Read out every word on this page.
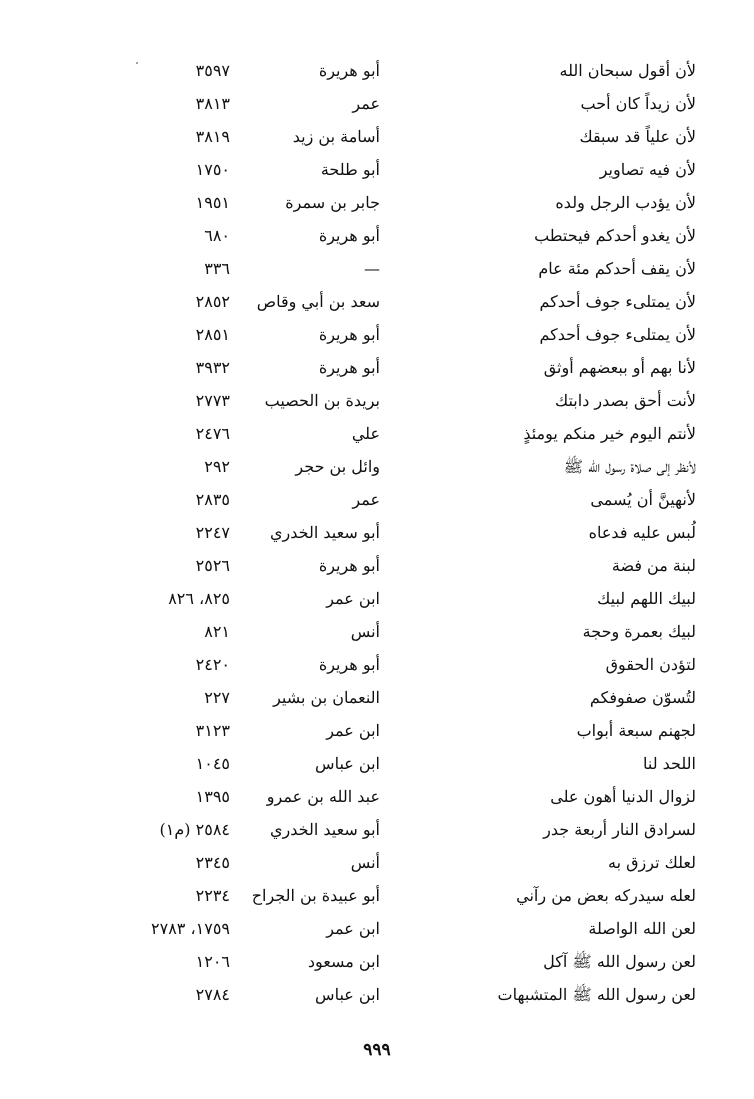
لأن أقول سبحان الله
أبو هريرة
٣٥٩٧
لأن زيداً كان أحب
عمر
٣٨١٣
لأن علياً قد سبقك
أسامة بن زيد
٣٨١٩
لأن فيه تصاوير
أبو طلحة
١٧٥٠
لأن يؤدب الرجل ولده
جابر بن سمرة
١٩٥١
لأن يغدو أحدكم فيحتطب
أبو هريرة
٦٨٠
لأن يقف أحدكم مئة عام
—
٣٣٦
لأن يمتلىء جوف أحدكم
سعد بن أبي وقاص
٢٨٥٢
لأن يمتلىء جوف أحدكم
أبو هريرة
٢٨٥١
لأنا بهم أو ببعضهم أوثق
أبو هريرة
٣٩٣٢
لأنت أحق بصدر دابتك
بريدة بن الحصيب
٢٧٧٣
لأنتم اليوم خير منكم يومئذٍ
علي
٢٤٧٦
لأنظر إلى صلاة رسول الله ﷺ
وائل بن حجر
٢٩٢
لأنهينَّ أن يُسمى
عمر
٢٨٣٥
لُبس عليه فدعاه
أبو سعيد الخدري
٢٢٤٧
لبنة من فضة
أبو هريرة
٢٥٢٦
لبيك اللهم لبيك
ابن عمر
٨٢٥، ٨٢٦
لبيك بعمرة وحجة
أنس
٨٢١
لتؤدن الحقوق
أبو هريرة
٢٤٢٠
لتُسوّن صفوفكم
النعمان بن بشير
٢٢٧
لجهنم سبعة أبواب
ابن عمر
٣١٢٣
اللحد لنا
ابن عباس
١٠٤٥
لزوال الدنيا أهون على
عبد الله بن عمرو
١٣٩٥
لسرادق النار أربعة جدر
أبو سعيد الخدري
٢٥٨٤ (م١)
لعلك ترزق به
أنس
٢٣٤٥
لعله سيدركه بعض من رآني
أبو عبيدة بن الجراح
٢٢٣٤
لعن الله الواصلة
ابن عمر
١٧٥٩، ٢٧٨٣
لعن رسول الله ﷺ آكل
ابن مسعود
١٢٠٦
لعن رسول الله ﷺ المتشبهات
ابن عباس
٢٧٨٤
٩٩٩
